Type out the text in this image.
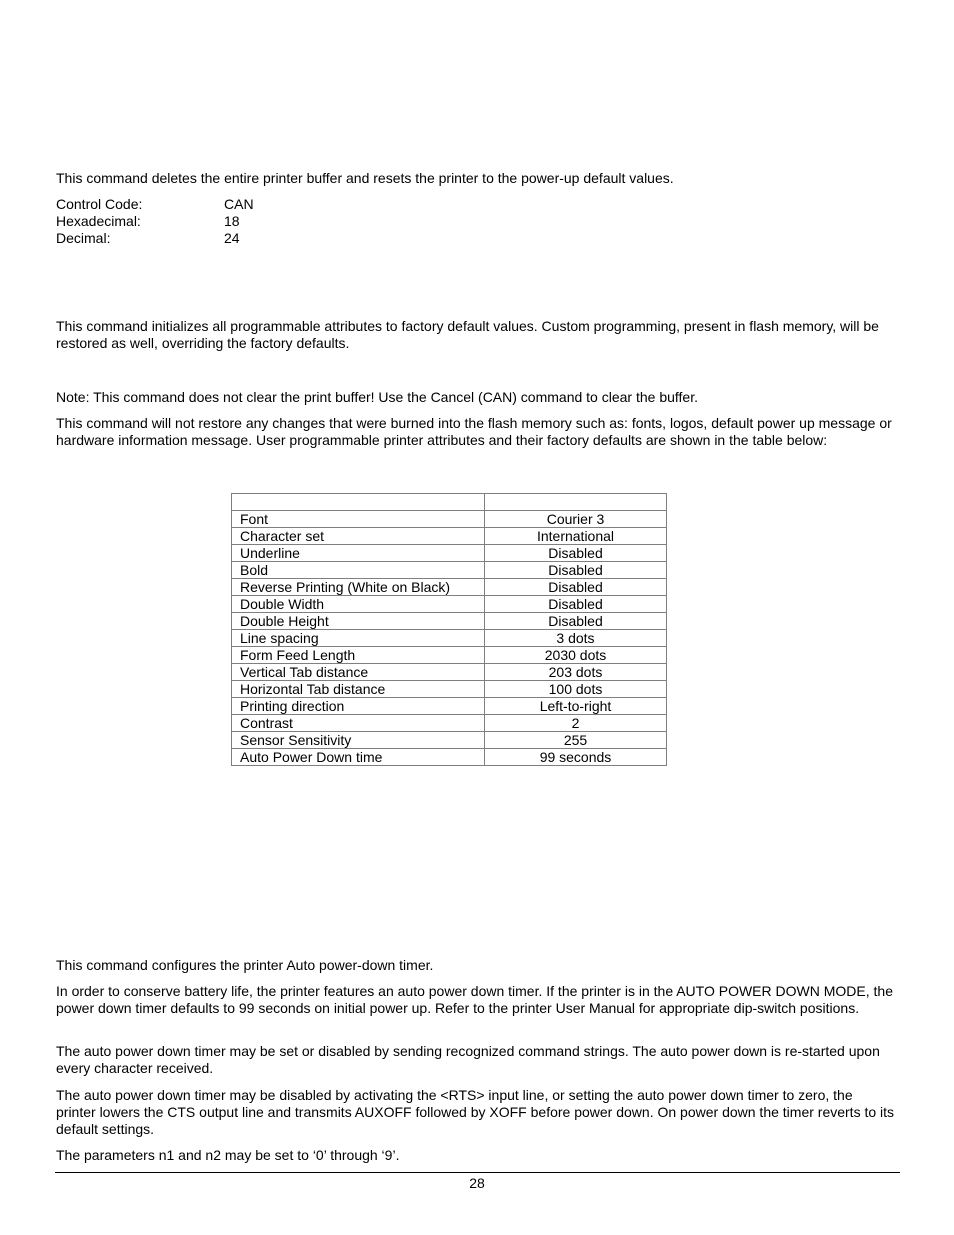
This command deletes the entire printer buffer and resets the printer to the power-up default values.

Control Code:	CAN
Hexadecimal:	18
Decimal:	24

This command initializes all programmable attributes to factory default values. Custom programming, present in flash memory, will be restored as well, overriding the factory defaults.

Note: This command does not clear the print buffer! Use the Cancel (CAN) command to clear the buffer.

This command will not restore any changes that were burned into the flash memory such as: fonts, logos, default power up message or hardware information message. User programmable printer attributes and their factory defaults are shown in the table below:

Font	Courier 3
Character set	International
Underline	Disabled
Bold	Disabled
Reverse Printing (White on Black)	Disabled
Double Width	Disabled
Double Height	Disabled
Line spacing	3 dots
Form Feed Length	2030 dots
Vertical Tab distance	203 dots
Horizontal Tab distance	100 dots
Printing direction	Left-to-right
Contrast	2
Sensor Sensitivity	255
Auto Power Down time	99 seconds

This command configures the printer Auto power-down timer.

In order to conserve battery life, the printer features an auto power down timer. If the printer is in the AUTO POWER DOWN MODE, the power down timer defaults to 99 seconds on initial power up. Refer to the printer User Manual for appropriate dip-switch positions.

The auto power down timer may be set or disabled by sending recognized command strings. The auto power down is re-started upon every character received.

The auto power down timer may be disabled by activating the <RTS> input line, or setting the auto power down timer to zero, the printer lowers the CTS output line and transmits AUXOFF followed by XOFF before power down. On power down the timer reverts to its default settings.

The parameters n1 and n2 may be set to ‘0’ through ‘9’.

28
